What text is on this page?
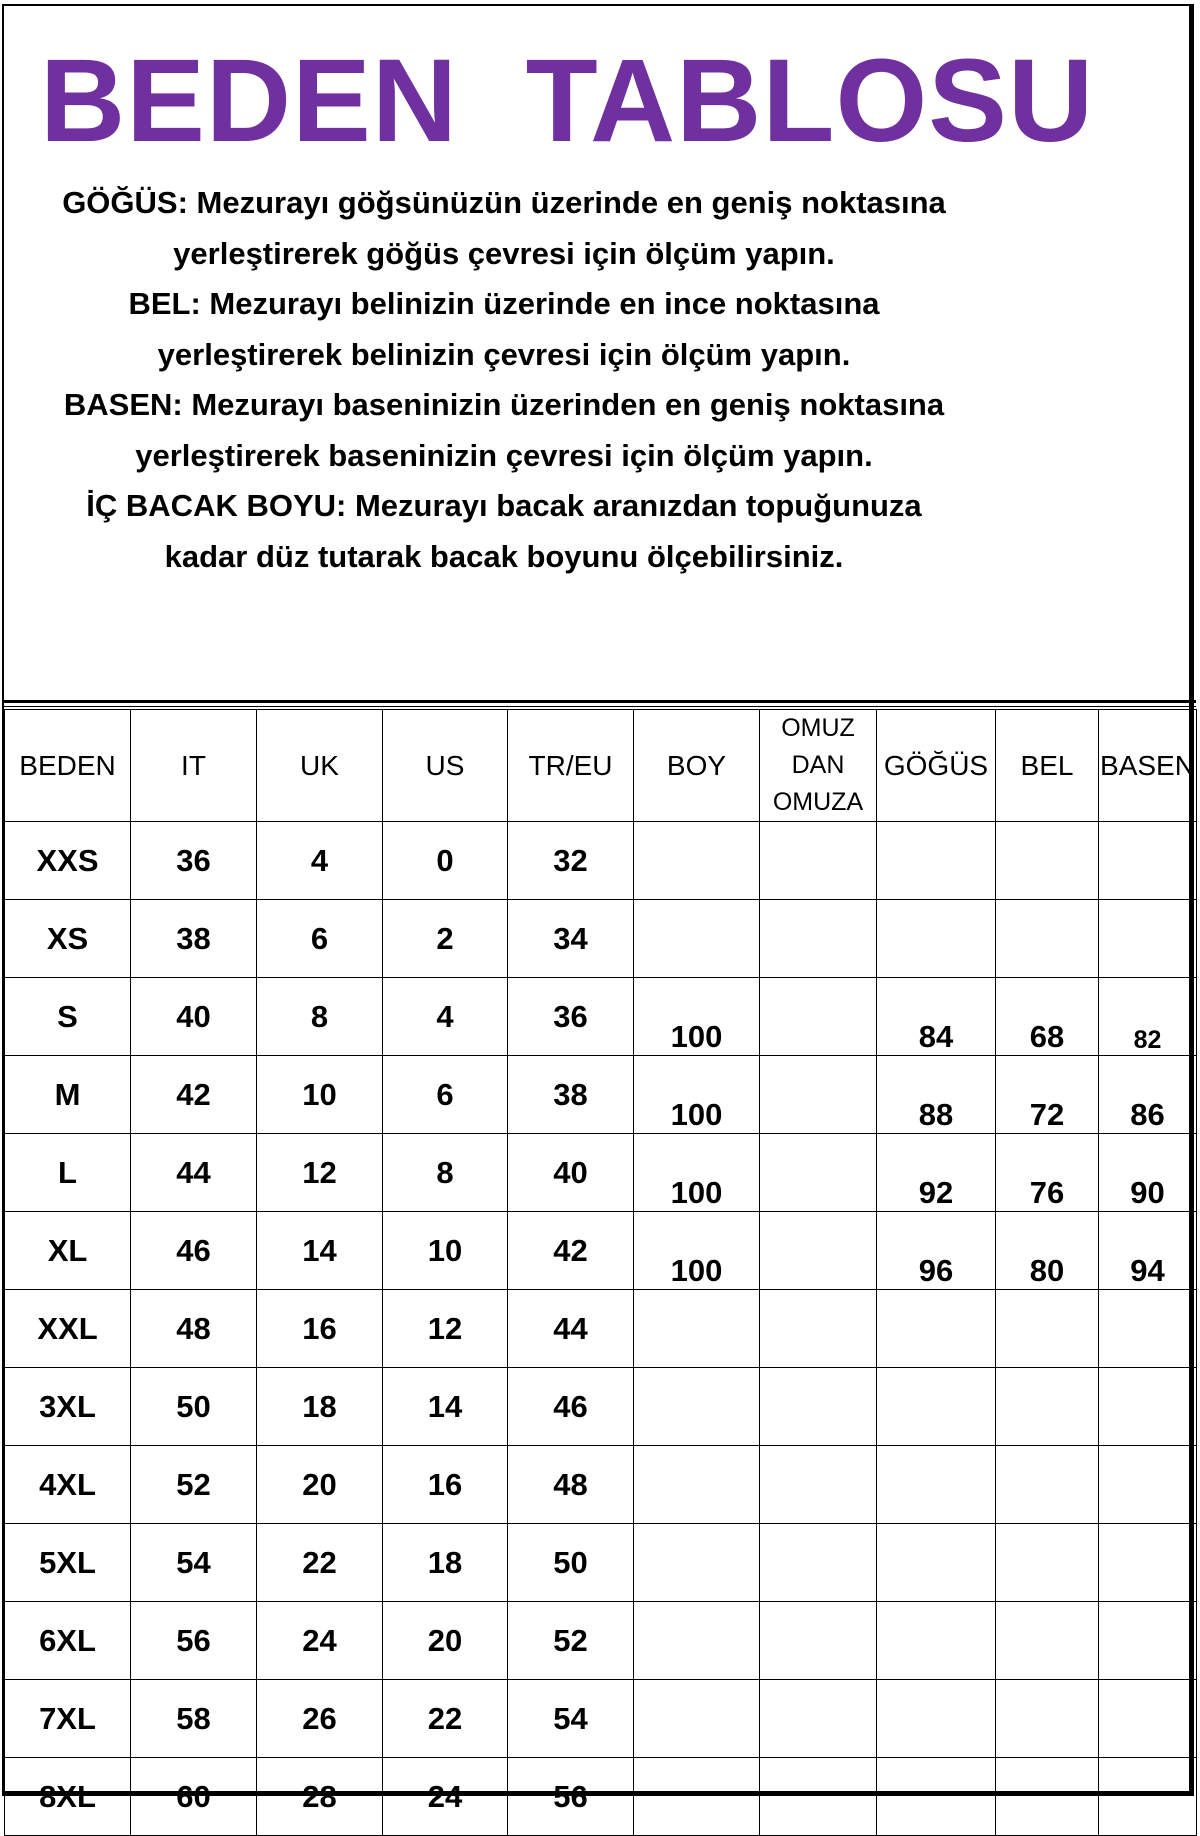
BEDEN  TABLOSU
GÖĞÜS: Mezurayı göğsünüzün üzerinde en geniş noktasına
yerleştirerek göğüs çevresi için ölçüm yapın.
BEL: Mezurayı belinizin üzerinde en ince noktasına
yerleştirerek belinizin çevresi için ölçüm yapın.
BASEN: Mezurayı baseninizin üzerinden en geniş noktasına
yerleştirerek baseninizin çevresi için ölçüm yapın.
İÇ BACAK BOYU: Mezurayı bacak aranızdan topuğunuza
kadar düz tutarak bacak boyunu ölçebilirsiniz.
BEDEN	IT	UK	US	TR/EU	BOY	OMUZ
DAN
OMUZA	GÖĞÜS	BEL	BASEN
XXS	36	4	0	32					
XS	38	6	2	34					
S	40	8	4	36	100		84	68	82
M	42	10	6	38	100		88	72	86
L	44	12	8	40	100		92	76	90
XL	46	14	10	42	100		96	80	94
XXL	48	16	12	44					
3XL	50	18	14	46					
4XL	52	20	16	48					
5XL	54	22	18	50					
6XL	56	24	20	52					
7XL	58	26	22	54					
8XL	60	28	24	56					
